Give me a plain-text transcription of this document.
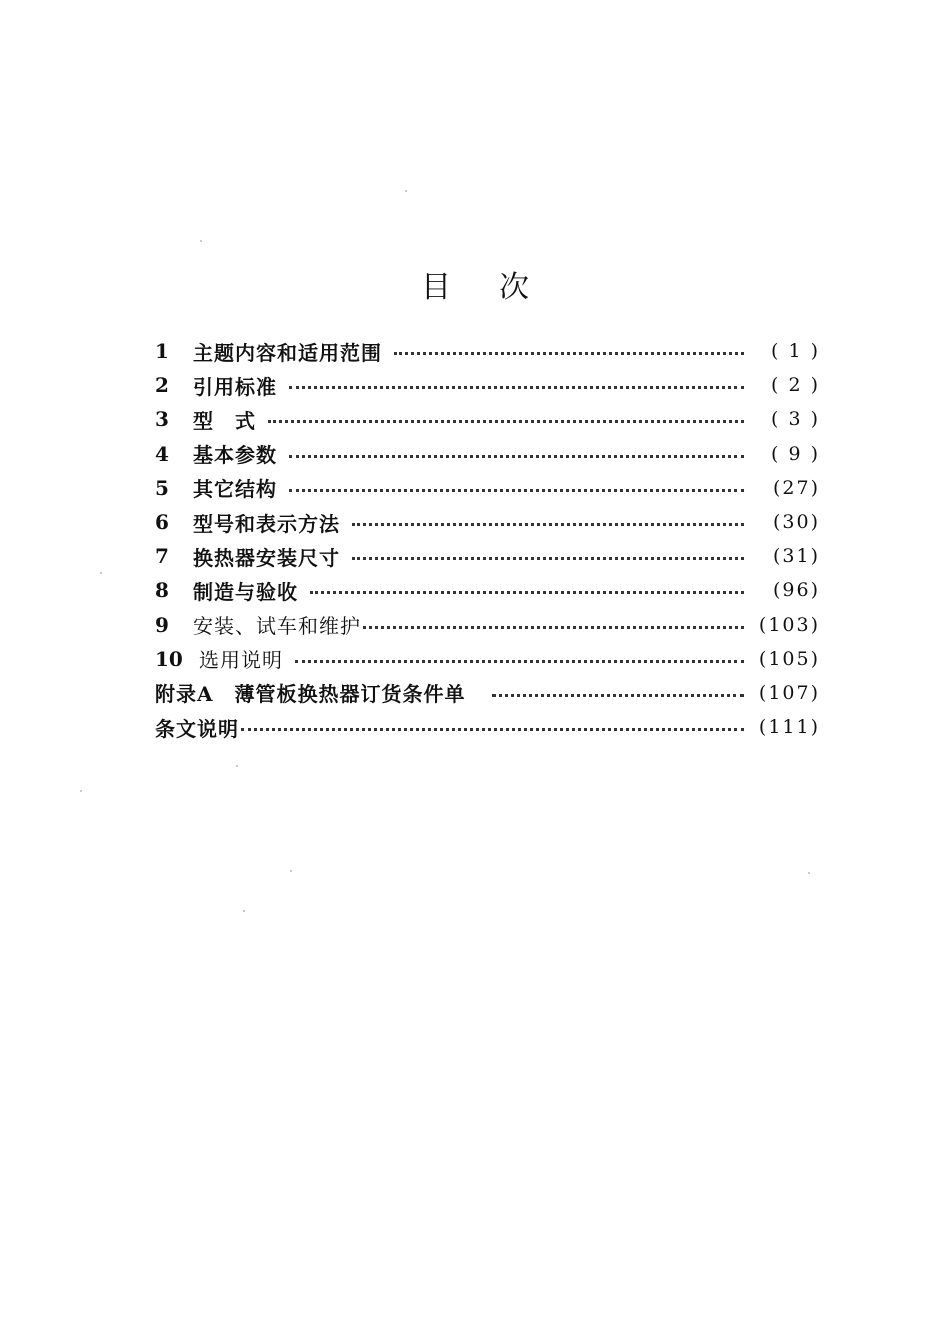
目次
1	主题内容和适用范围	( 1 )
2	引用标准	( 2 )
3	型　式	( 3 )
4	基本参数	( 9 )
5	其它结构	(27)
6	型号和表示方法	(30)
7	换热器安装尺寸	(31)
8	制造与验收	(96)
9	安装、试车和维护	(103)
10 选用说明	(105)
附录A　薄管板换热器订货条件单	(107)
条文说明	(111)
